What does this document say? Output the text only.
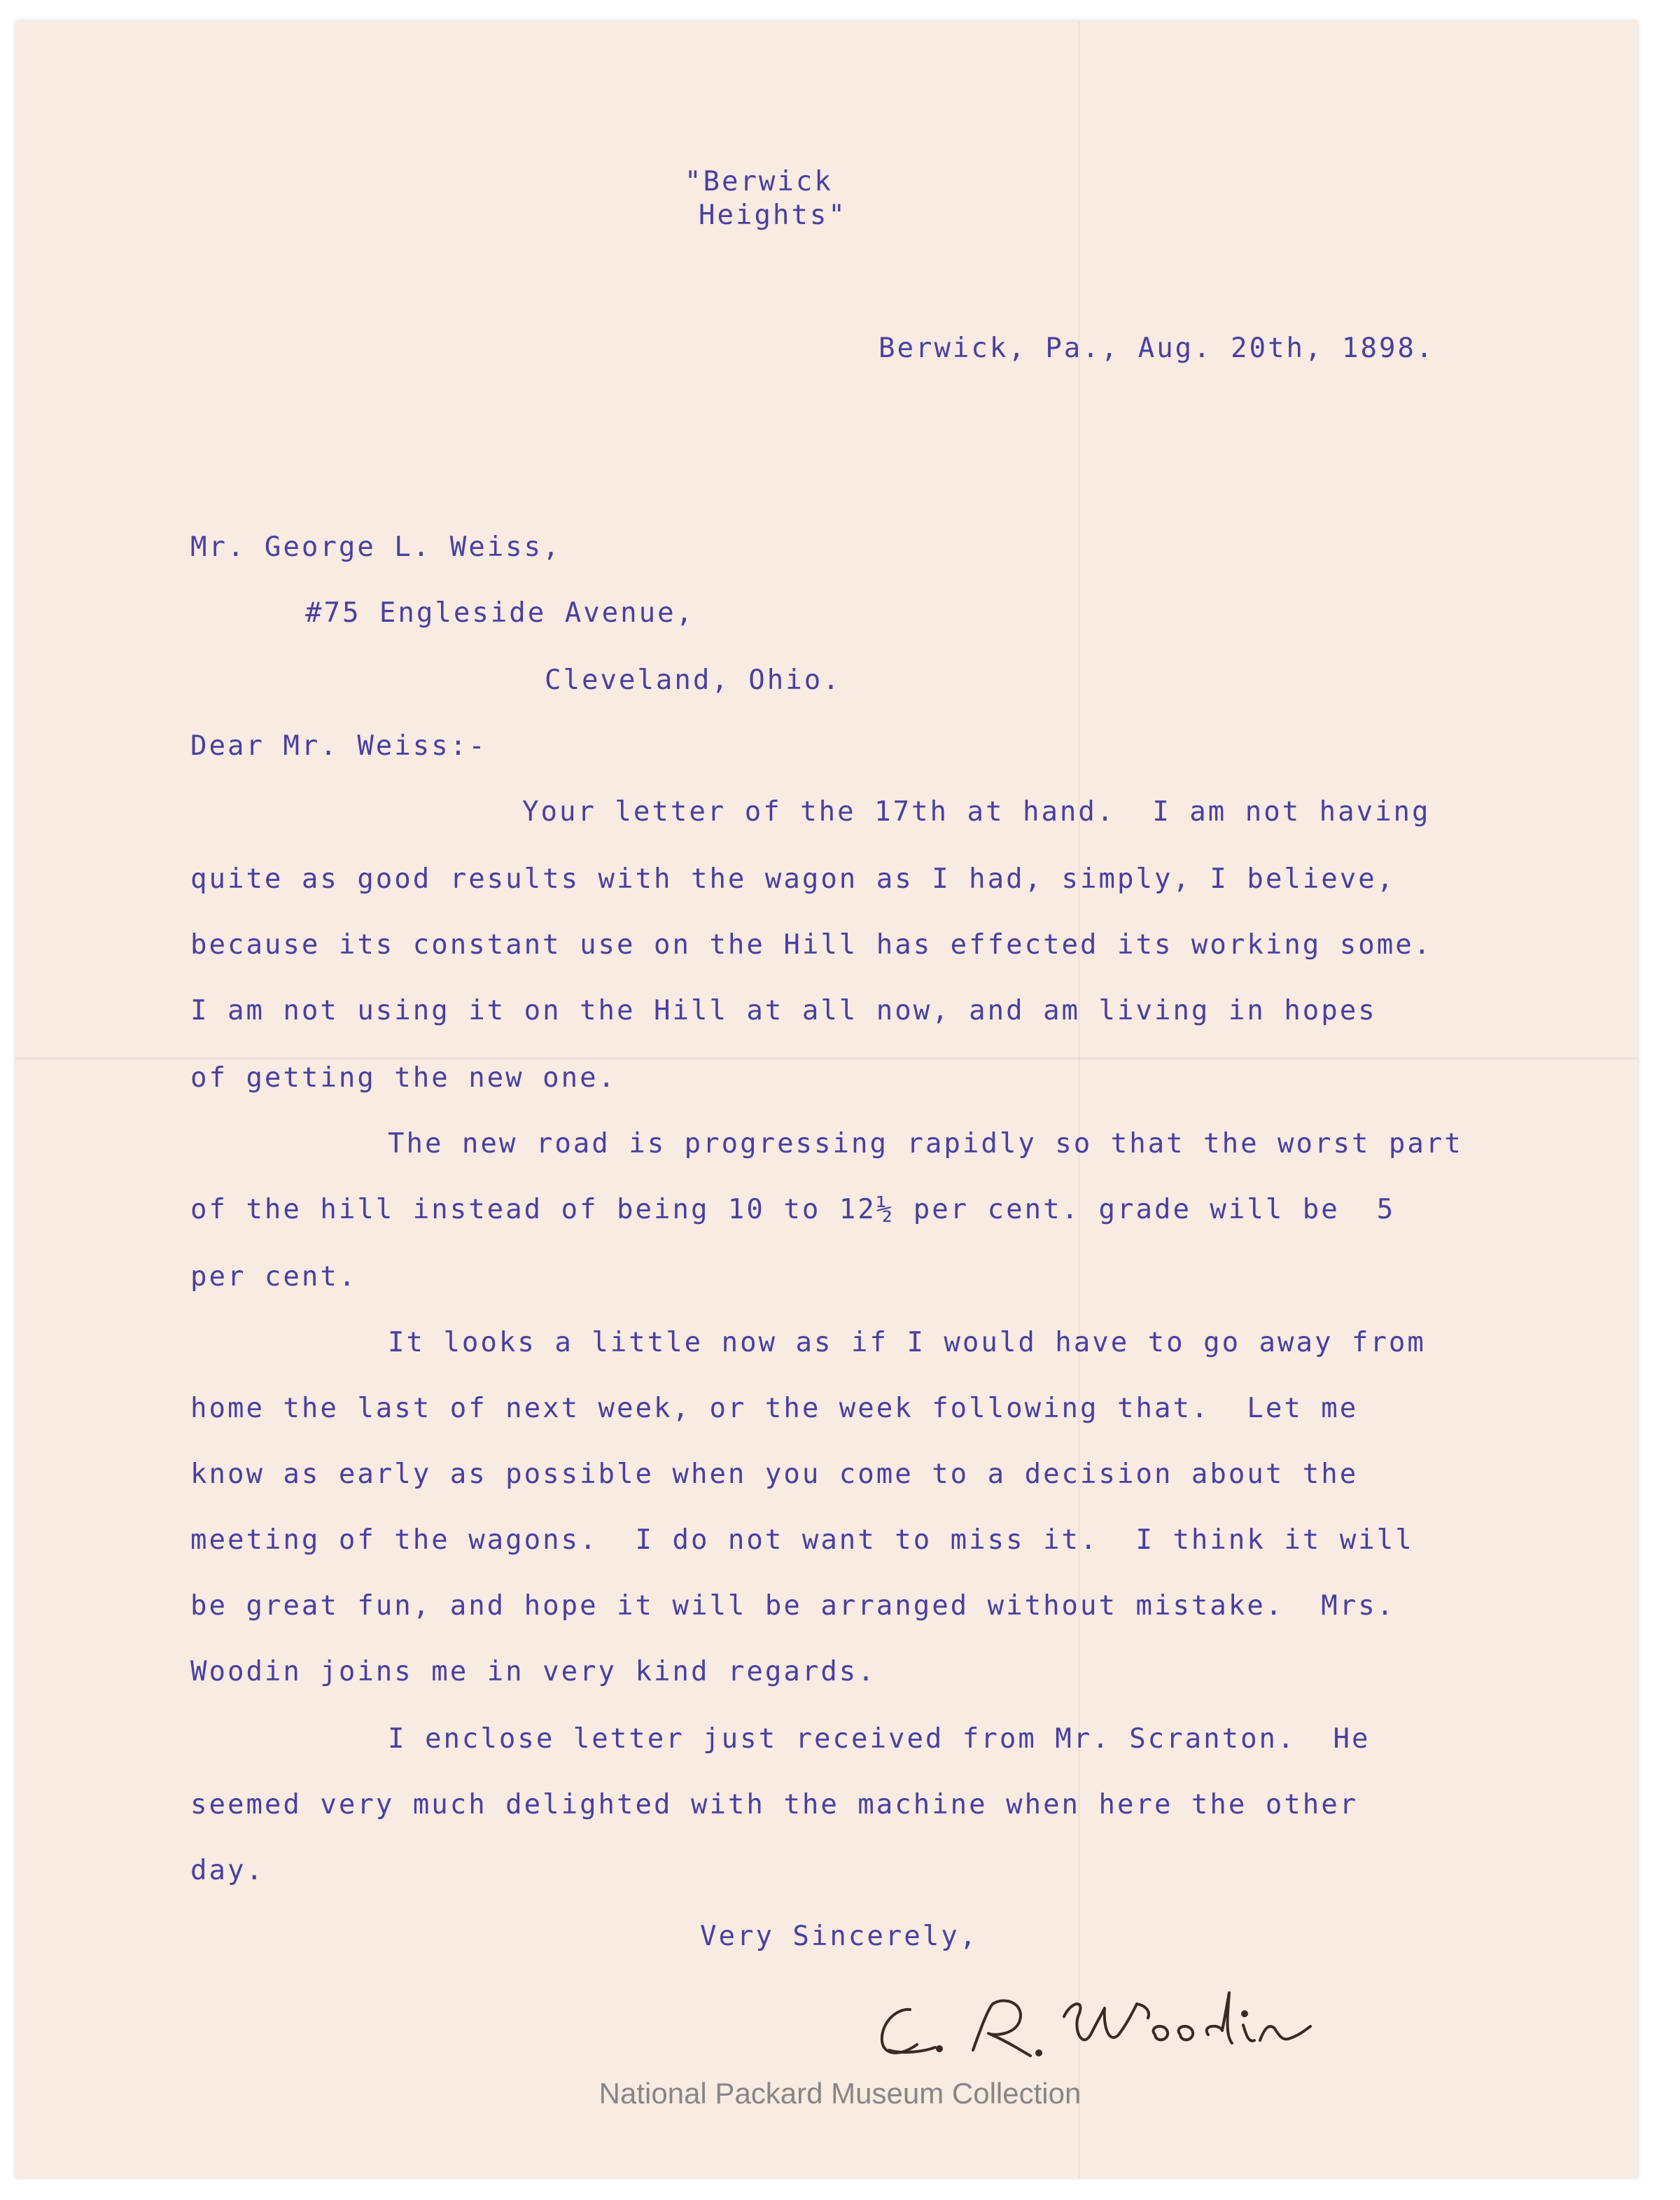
"Berwick
Heights"
Berwick, Pa., Aug. 20th, 1898.
Mr. George L. Weiss,
#75 Engleside Avenue,
Cleveland, Ohio.
Dear Mr. Weiss:-
Your letter of the 17th at hand.  I am not having
quite as good results with the wagon as I had, simply, I believe,
because its constant use on the Hill has effected its working some.
I am not using it on the Hill at all now, and am living in hopes
of getting the new one.
The new road is progressing rapidly so that the worst part
of the hill instead of being 10 to 12½ per cent. grade will be  5
per cent.
It looks a little now as if I would have to go away from
home the last of next week, or the week following that.  Let me
know as early as possible when you come to a decision about the
meeting of the wagons.  I do not want to miss it.  I think it will
be great fun, and hope it will be arranged without mistake.  Mrs.
Woodin joins me in very kind regards.
I enclose letter just received from Mr. Scranton.  He
seemed very much delighted with the machine when here the other
day.
Very Sincerely,
National Packard Museum Collection
